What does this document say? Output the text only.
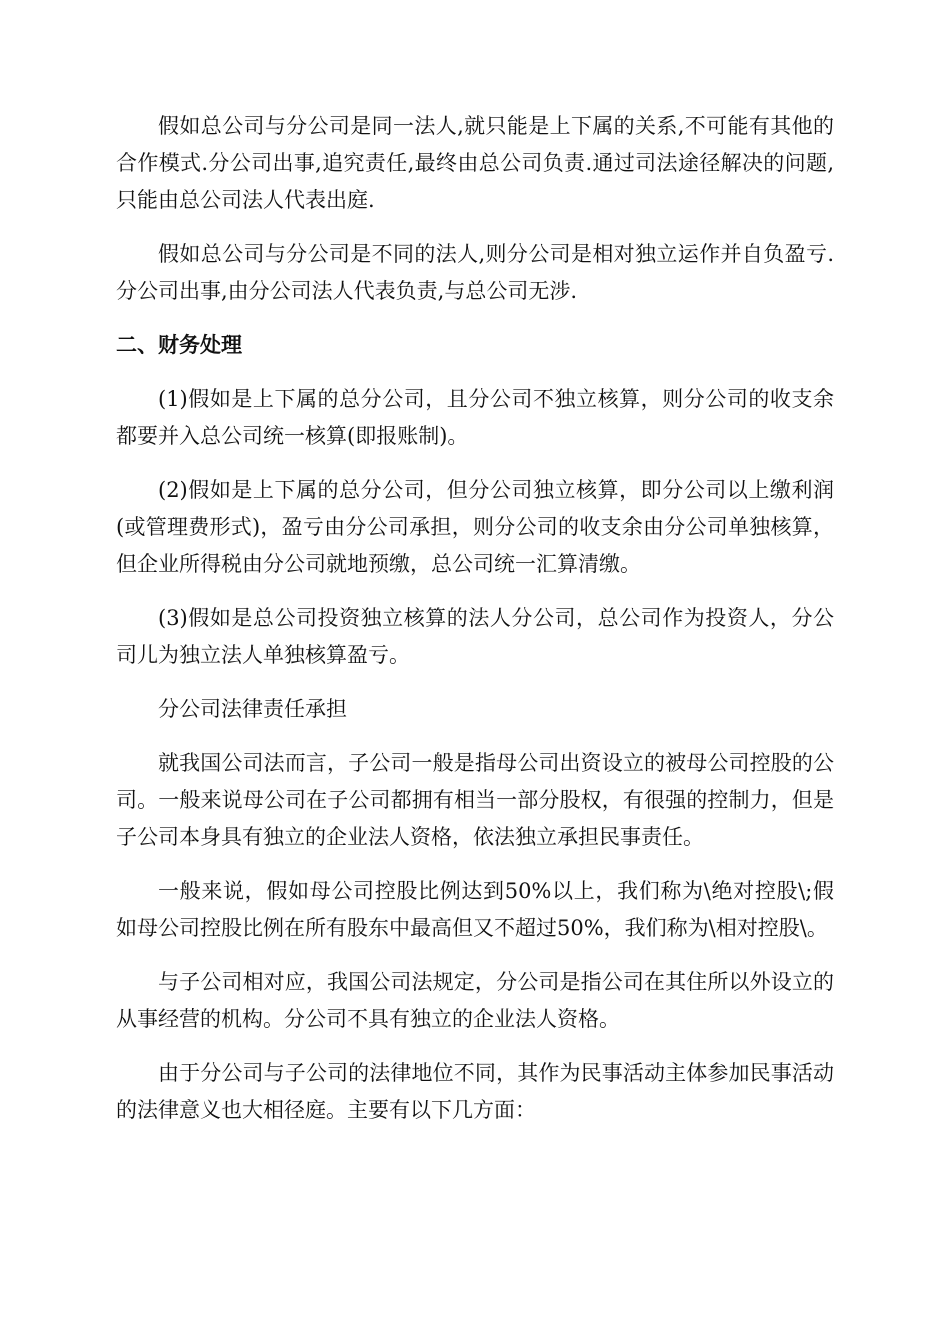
假如总公司与分公司是同一法人,就只能是上下属的关系,不可能有其他的合作模式.分公司出事,追究责任,最终由总公司负责.通过司法途径解决的问题,只能由总公司法人代表出庭.

假如总公司与分公司是不同的法人,则分公司是相对独立运作并自负盈亏.分公司出事,由分公司法人代表负责,与总公司无涉.

二、财务处理

(1)假如是上下属的总分公司，且分公司不独立核算，则分公司的收支余都要并入总公司统一核算(即报账制)。

(2)假如是上下属的总分公司，但分公司独立核算，即分公司以上缴利润(或管理费形式)，盈亏由分公司承担，则分公司的收支余由分公司单独核算，但企业所得税由分公司就地预缴，总公司统一汇算清缴。

(3)假如是总公司投资独立核算的法人分公司，总公司作为投资人，分公司儿为独立法人单独核算盈亏。

分公司法律责任承担

就我国公司法而言，子公司一般是指母公司出资设立的被母公司控股的公司。一般来说母公司在子公司都拥有相当一部分股权，有很强的控制力，但是子公司本身具有独立的企业法人资格，依法独立承担民事责任。

一般来说，假如母公司控股比例达到50%以上，我们称为\绝对控股\;假如母公司控股比例在所有股东中最高但又不超过50%，我们称为\相对控股\。

与子公司相对应，我国公司法规定，分公司是指公司在其住所以外设立的从事经营的机构。分公司不具有独立的企业法人资格。

由于分公司与子公司的法律地位不同，其作为民事活动主体参加民事活动的法律意义也大相径庭。主要有以下几方面：
